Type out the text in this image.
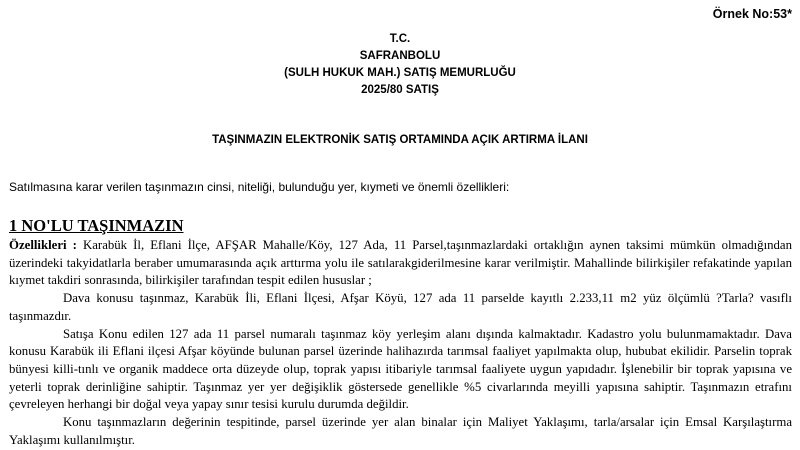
Örnek No:53*
T.C.
SAFRANBOLU
(SULH HUKUK MAH.) SATIŞ MEMURLUĞU
2025/80 SATIŞ
TAŞINMAZIN ELEKTRONİK SATIŞ ORTAMINDA AÇIK ARTIRMA İLANI
Satılmasına karar verilen taşınmazın cinsi, niteliği, bulunduğu yer, kıymeti ve önemli özellikleri:
1 NO'LU TAŞINMAZIN

Özellikleri : Karabük İl, Eflani İlçe, AFŞAR Mahalle/Köy, 127 Ada, 11 Parsel,taşınmazlardaki ortaklığın aynen taksimi mümkün olmadığından üzerindeki takyidatlarla beraber umumarasında açık arttırma yolu ile satılarakgiderilmesine karar verilmiştir. Mahallinde bilirkişiler refakatinde yapılan kıymet takdiri sonrasında, bilirkişiler tarafından tespit edilen hususlar ;

Dava konusu taşınmaz, Karabük İli, Eflani İlçesi, Afşar Köyü, 127 ada 11 parselde kayıtlı 2.233,11 m2 yüz ölçümlü ?Tarla? vasıflı taşınmazdır.

Satışa Konu edilen 127 ada 11 parsel numaralı taşınmaz köy yerleşim alanı dışında kalmaktadır. Kadastro yolu bulunmamaktadır. Dava konusu Karabük ili Eflani ilçesi Afşar köyünde bulunan parsel üzerinde halihazırda tarımsal faaliyet yapılmakta olup, hububat ekilidir. Parselin toprak bünyesi killi-tınlı ve organik maddece orta düzeyde olup, toprak yapısı itibariyle tarımsal faaliyete uygun yapıdadır. İşlenebilir bir toprak yapısına ve yeterli toprak derinliğine sahiptir. Taşınmaz yer yer değişiklik göstersede genellikle %5 civarlarında meyilli yapısına sahiptir. Taşınmazın etrafını çevreleyen herhangi bir doğal veya yapay sınır tesisi kurulu durumda değildir.

Konu taşınmazların değerinin tespitinde, parsel üzerinde yer alan binalar için Maliyet Yaklaşımı, tarla/arsalar için Emsal Karşılaştırma Yaklaşımı kullanılmıştır.
